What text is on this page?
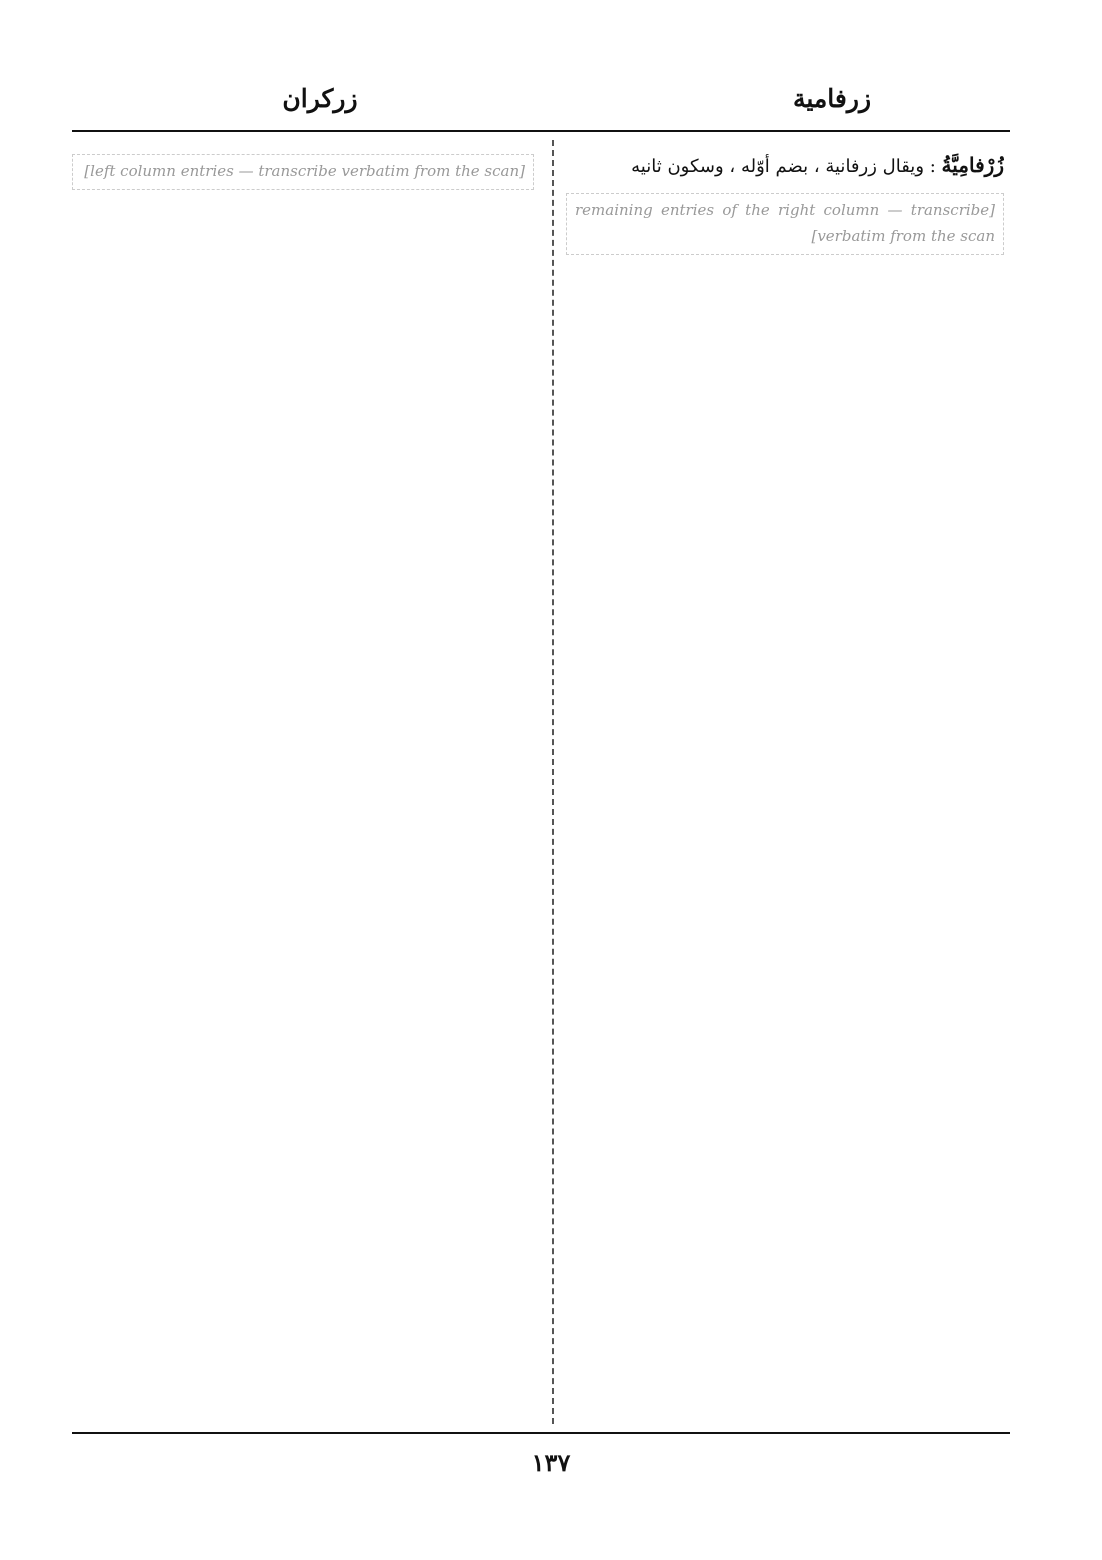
زرفامية
زركران

زُرْفامِيَّةُ : ويقال زرفانية ، بضم أوّله ، وسكون ثانيه

[remaining entries of the right column — transcribe verbatim from the scan]
[left column entries — transcribe verbatim from the scan]
١٣٧
